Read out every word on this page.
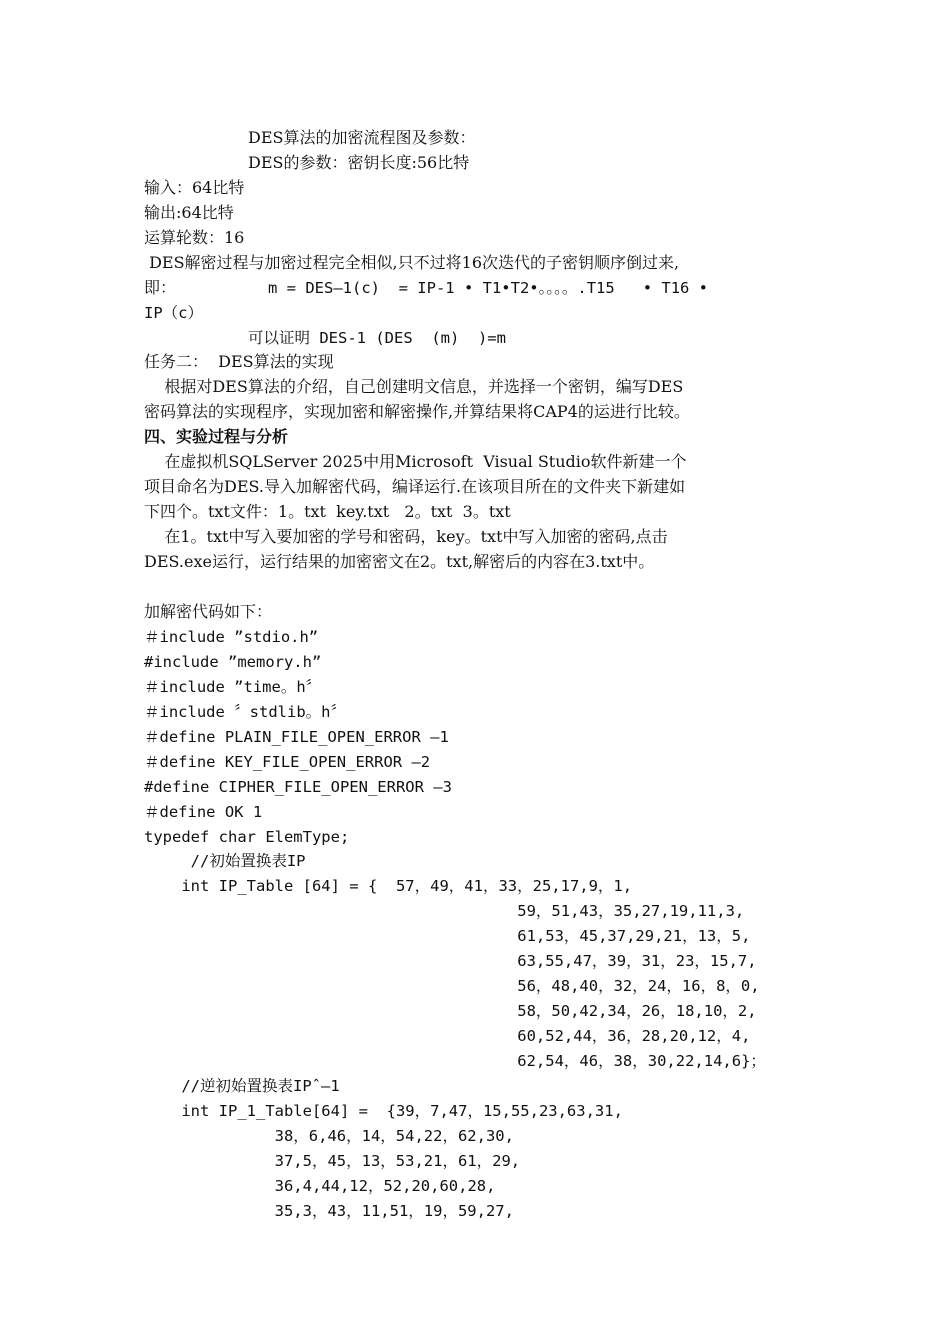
DES算法的加密流程图及参数：
DES的参数：密钥长度:56比特
输入：64比特
输出:64比特
运算轮数：16
DES解密过程与加密过程完全相似,只不过将16次迭代的子密钥顺序倒过来,
即：	m = DES—1(c)  = IP-1 • T1•T2•。。。。.T15   • T16 •
IP（c）
可以证明 DES-1 (DES  (m)  )=m
任务二：  DES算法的实现
根据对DES算法的介绍，自己创建明文信息，并选择一个密钥，编写DES
密码算法的实现程序，实现加密和解密操作,并算结果将CAP4的运进行比较。
四、实验过程与分析
在虚拟机SQLServer 2025中用Microsoft  Visual Studio软件新建一个
项目命名为DES.导入加解密代码，编译运行.在该项目所在的文件夹下新建如
下四个。txt文件：1。txt  key.txt   2。txt  3。txt
在1。txt中写入要加密的学号和密码，key。txt中写入加密的密码,点击
DES.exe运行，运行结果的加密密文在2。txt,解密后的内容在3.txt中。
加解密代码如下：
＃include ”stdio.h”
#include ”memory.h”
＃include ”time。h〞
＃include 〞stdlib。h〞
＃define PLAIN_FILE_OPEN_ERROR —1
＃define KEY_FILE_OPEN_ERROR —2
#define CIPHER_FILE_OPEN_ERROR —3
＃define OK 1
typedef char ElemType;
//初始置换表IP
int IP_Table [64] = {  57，49，41，33，25,17,9，1,
59，51,43，35,27,19,11,3,
61,53，45,37,29,21，13，5,
63,55,47，39，31，23，15,7,
56，48,40，32，24，16，8，0,
58，50,42,34，26，18,10，2,
60,52,44，36，28,20,12，4,
62,54，46，38，30,22,14,6}；
//逆初始置换表IPˆ—1
int IP_1_Table[64] =  {39，7,47，15,55,23,63,31,
38，6,46，14，54,22，62,30,
37,5，45，13，53,21，61，29,
36,4,44,12，52,20,60,28,
35,3，43，11,51，19，59,27,
